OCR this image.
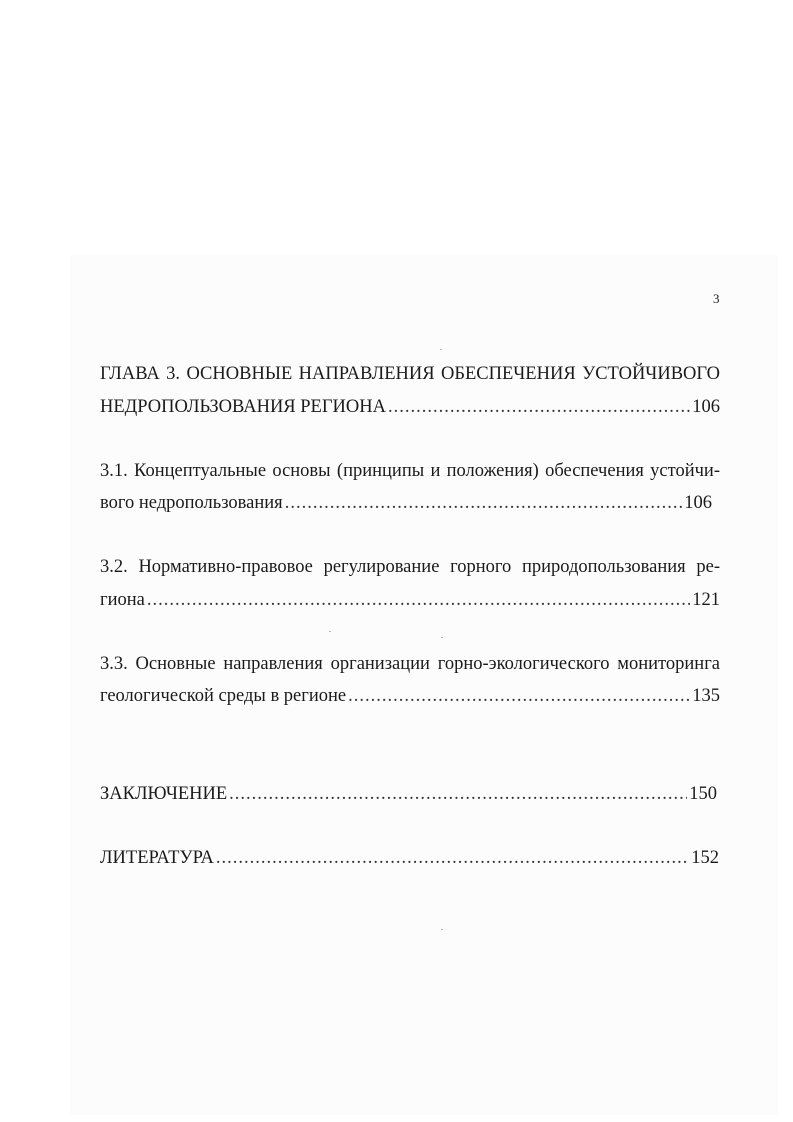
3
ГЛАВА 3. ОСНОВНЫЕ НАПРАВЛЕНИЯ ОБЕСПЕЧЕНИЯ УСТОЙЧИВОГО
НЕДРОПОЛЬЗОВАНИЯ РЕГИОНА .....	106
3.1. Концептуальные основы (принципы и положения) обеспечения устойчи-
вого недропользования .....	106
3.2. Нормативно-правовое регулирование горного природопользования ре-
гиона .....	121
3.3. Основные направления организации горно-экологического мониторинга
геологической среды в регионе .....	135
ЗАКЛЮЧЕНИЕ .....	150
ЛИТЕРАТУРА .....	152
